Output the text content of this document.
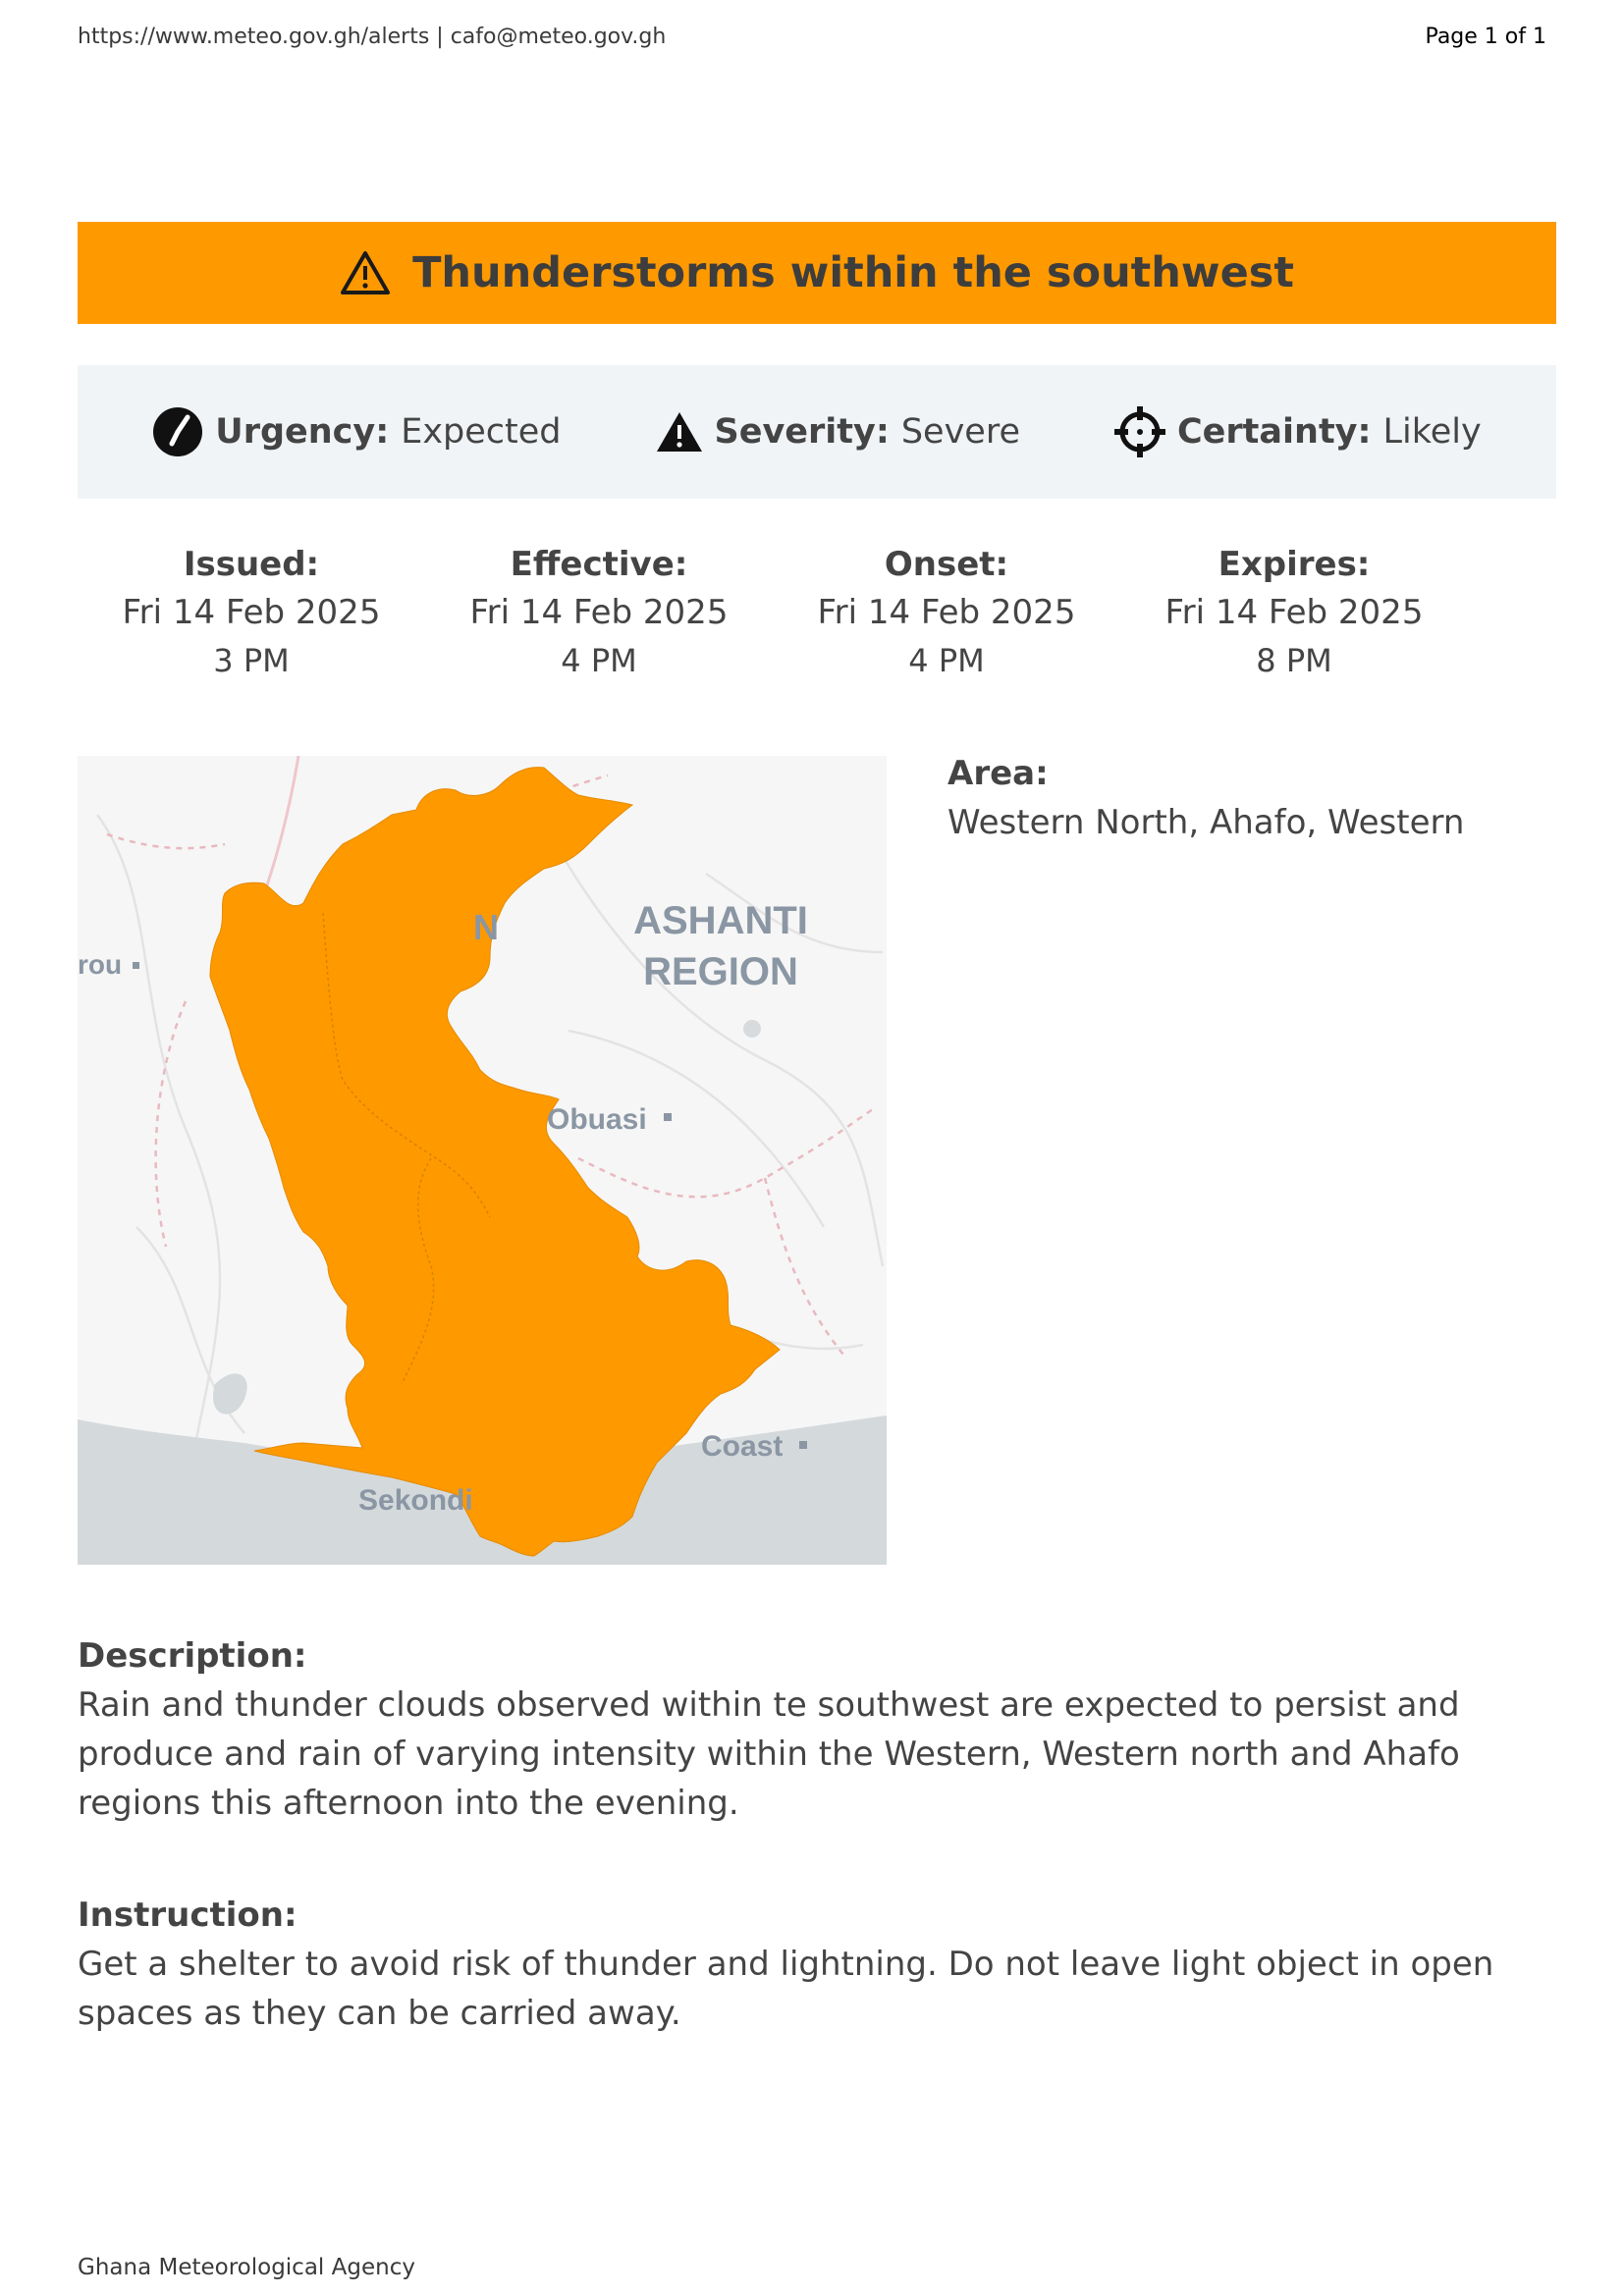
https://www.meteo.gov.gh/alerts | cafo@meteo.gov.gh	Page 1 of 1
Thunderstorms within the southwest
Urgency: Expected	Severity: Severe	Certainty: Likely
Issued:
Fri 14 Feb 2025
3 PM
Effective:
Fri 14 Feb 2025
4 PM
Onset:
Fri 14 Feb 2025
4 PM
Expires:
Fri 14 Feb 2025
8 PM
ASHANTI
REGION
Obuasi
Coast
Sekondi
rou
N
Area:
Western North, Ahafo, Western
Description:
Rain and thunder clouds observed within te southwest are expected to persist and
produce and rain of varying intensity within the Western, Western north and Ahafo
regions this afternoon into the evening.
Instruction:
Get a shelter to avoid risk of thunder and lightning. Do not leave light object in open
spaces as they can be carried away.
Ghana Meteorological Agency
